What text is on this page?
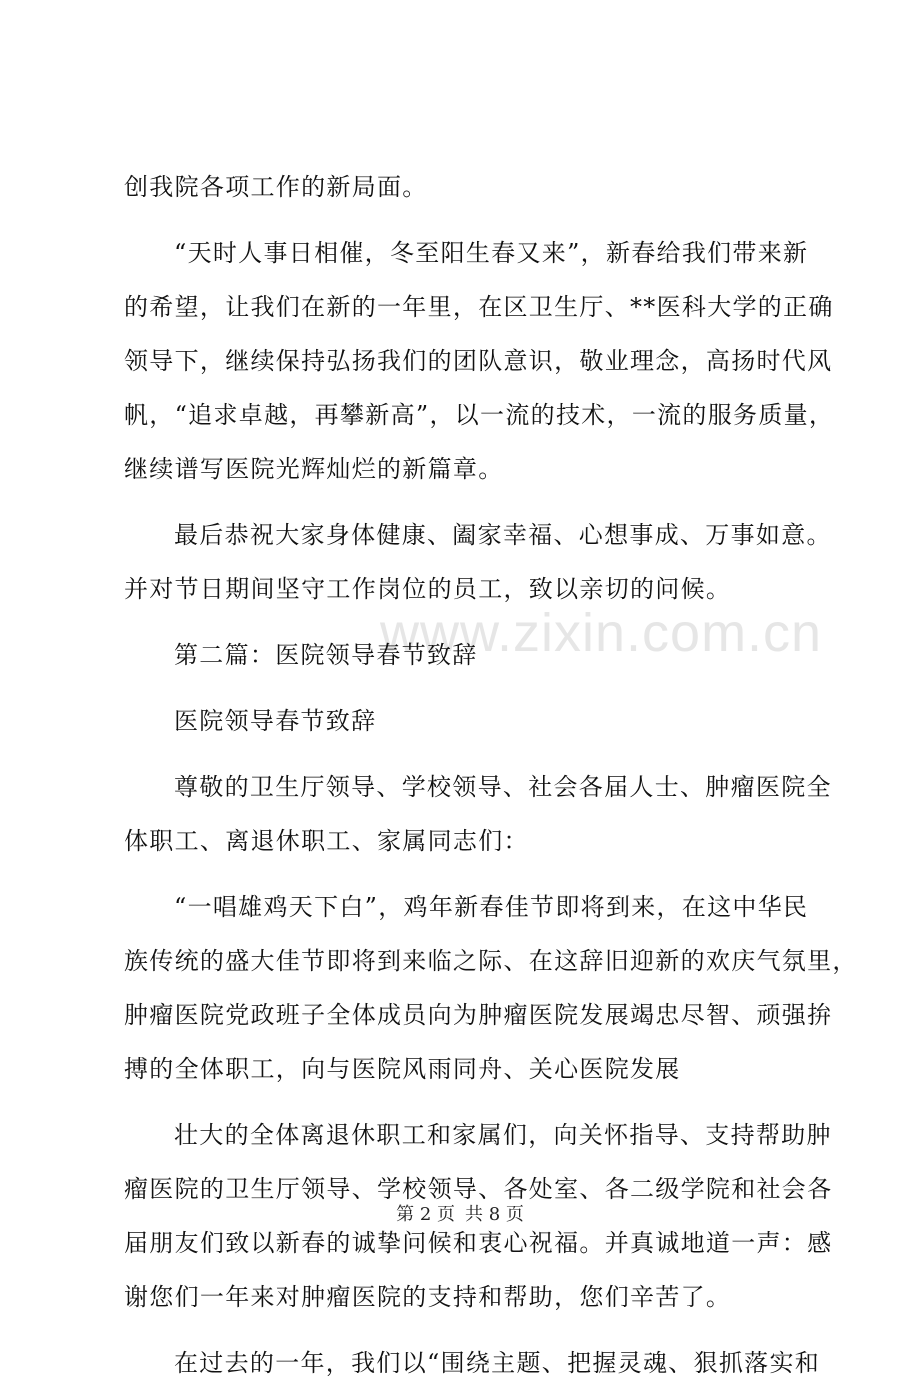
www.zixin.com.cn
创我院各项工作的新局面。
“天时人事日相催，冬至阳生春又来”，新春给我们带来新
的希望，让我们在新的一年里，在区卫生厅、**医科大学的正确
领导下，继续保持弘扬我们的团队意识，敬业理念，高扬时代风
帆，“追求卓越，再攀新高”，以一流的技术，一流的服务质量，
继续谱写医院光辉灿烂的新篇章。
最后恭祝大家身体健康、阖家幸福、心想事成、万事如意。
并对节日期间坚守工作岗位的员工，致以亲切的问候。
第二篇：医院领导春节致辞
医院领导春节致辞
尊敬的卫生厅领导、学校领导、社会各届人士、肿瘤医院全
体职工、离退休职工、家属同志们：
“一唱雄鸡天下白”，鸡年新春佳节即将到来，在这中华民
族传统的盛大佳节即将到来临之际、在这辞旧迎新的欢庆气氛里，
肿瘤医院党政班子全体成员向为肿瘤医院发展竭忠尽智、顽强拚
搏的全体职工，向与医院风雨同舟、关心医院发展
壮大的全体离退休职工和家属们，向关怀指导、支持帮助肿
瘤医院的卫生厅领导、学校领导、各处室、各二级学院和社会各
届朋友们致以新春的诚挚问候和衷心祝福。并真诚地道一声：感
谢您们一年来对肿瘤医院的支持和帮助，您们辛苦了。
在过去的一年，我们以“围绕主题、把握灵魂、狠抓落实和
第 2 页 共 8 页
